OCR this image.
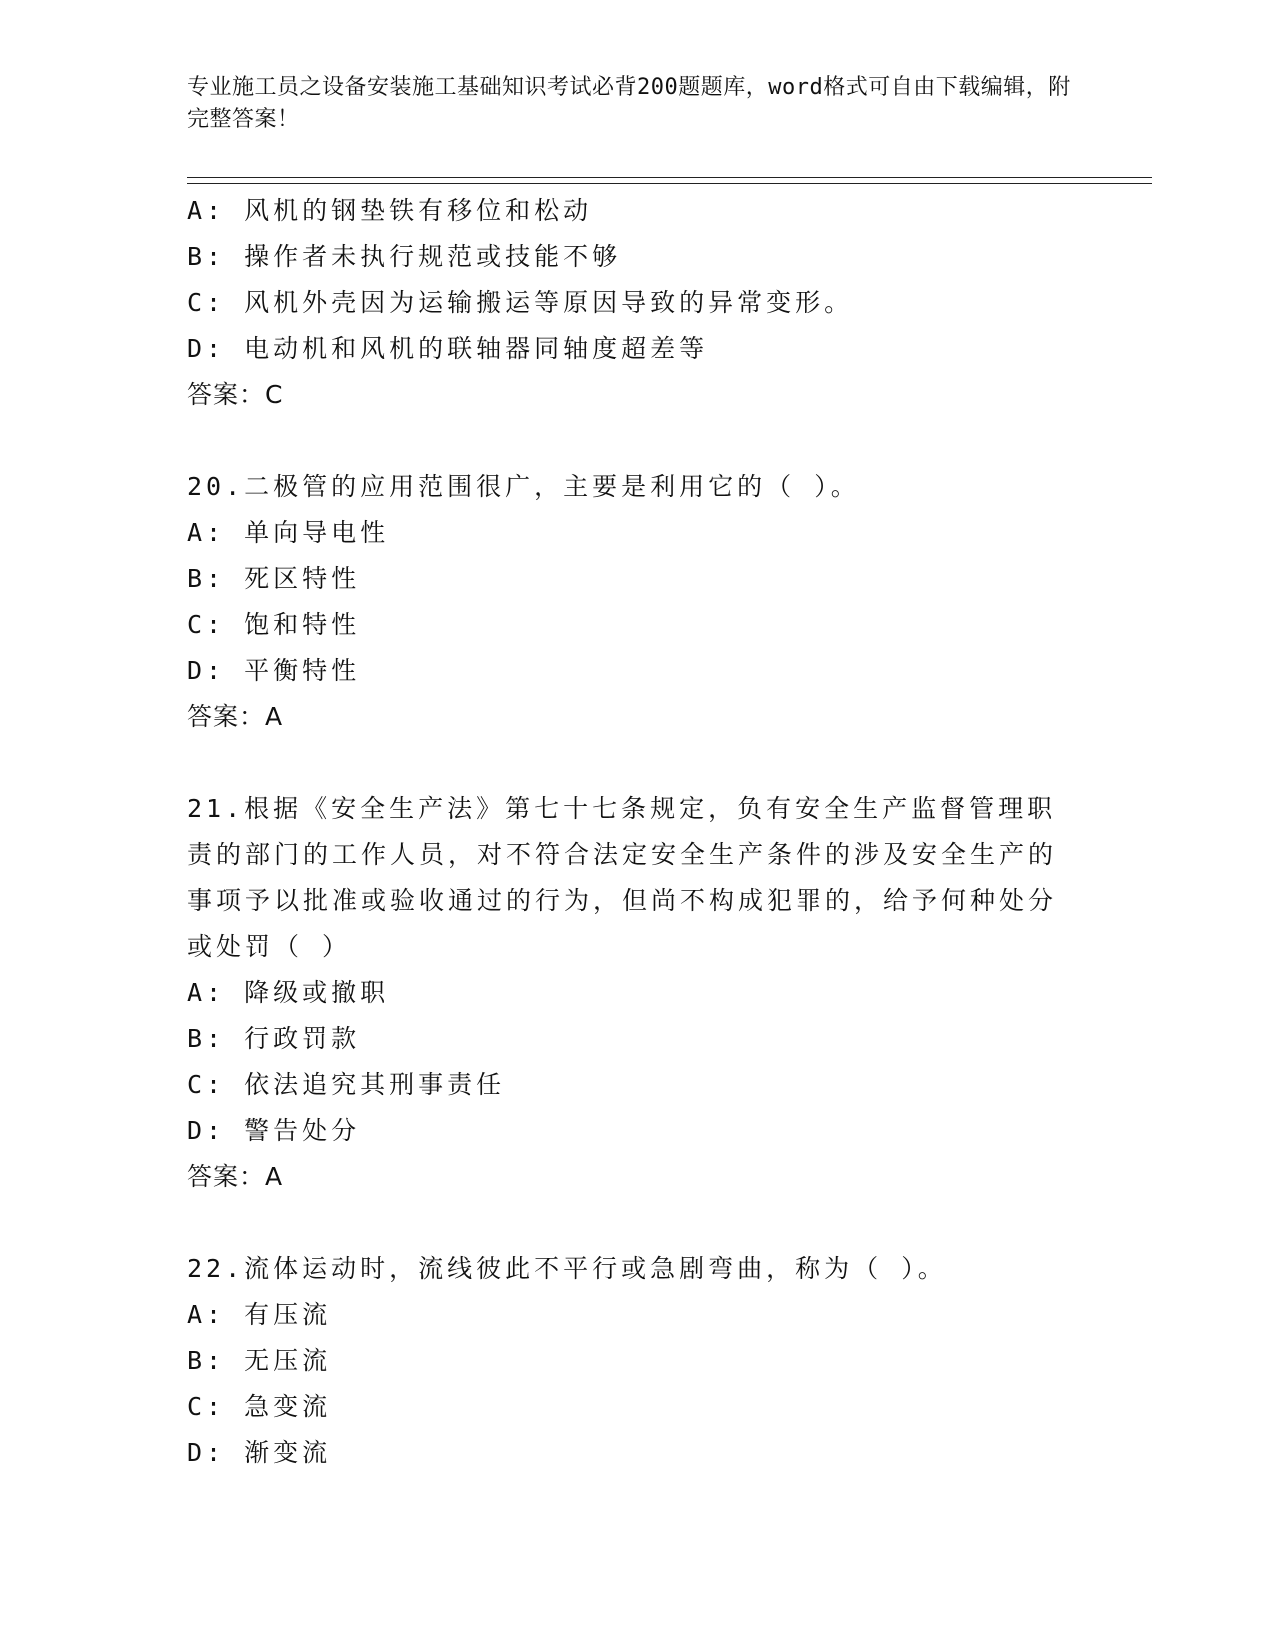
专业施工员之设备安装施工基础知识考试必背200题题库，word格式可自由下载编辑，附完整答案！
A: 风机的钢垫铁有移位和松动
B: 操作者未执行规范或技能不够
C: 风机外壳因为运输搬运等原因导致的异常变形。
D: 电动机和风机的联轴器同轴度超差等
答案：C
20.二极管的应用范围很广，主要是利用它的（ ）。
A: 单向导电性
B: 死区特性
C: 饱和特性
D: 平衡特性
答案：A
21.根据《安全生产法》第七十七条规定，负有安全生产监督管理职责的部门的工作人员，对不符合法定安全生产条件的涉及安全生产的事项予以批准或验收通过的行为，但尚不构成犯罪的，给予何种处分或处罚（ ）
A: 降级或撤职
B: 行政罚款
C: 依法追究其刑事责任
D: 警告处分
答案：A
22.流体运动时，流线彼此不平行或急剧弯曲，称为（ ）。
A: 有压流
B: 无压流
C: 急变流
D: 渐变流
